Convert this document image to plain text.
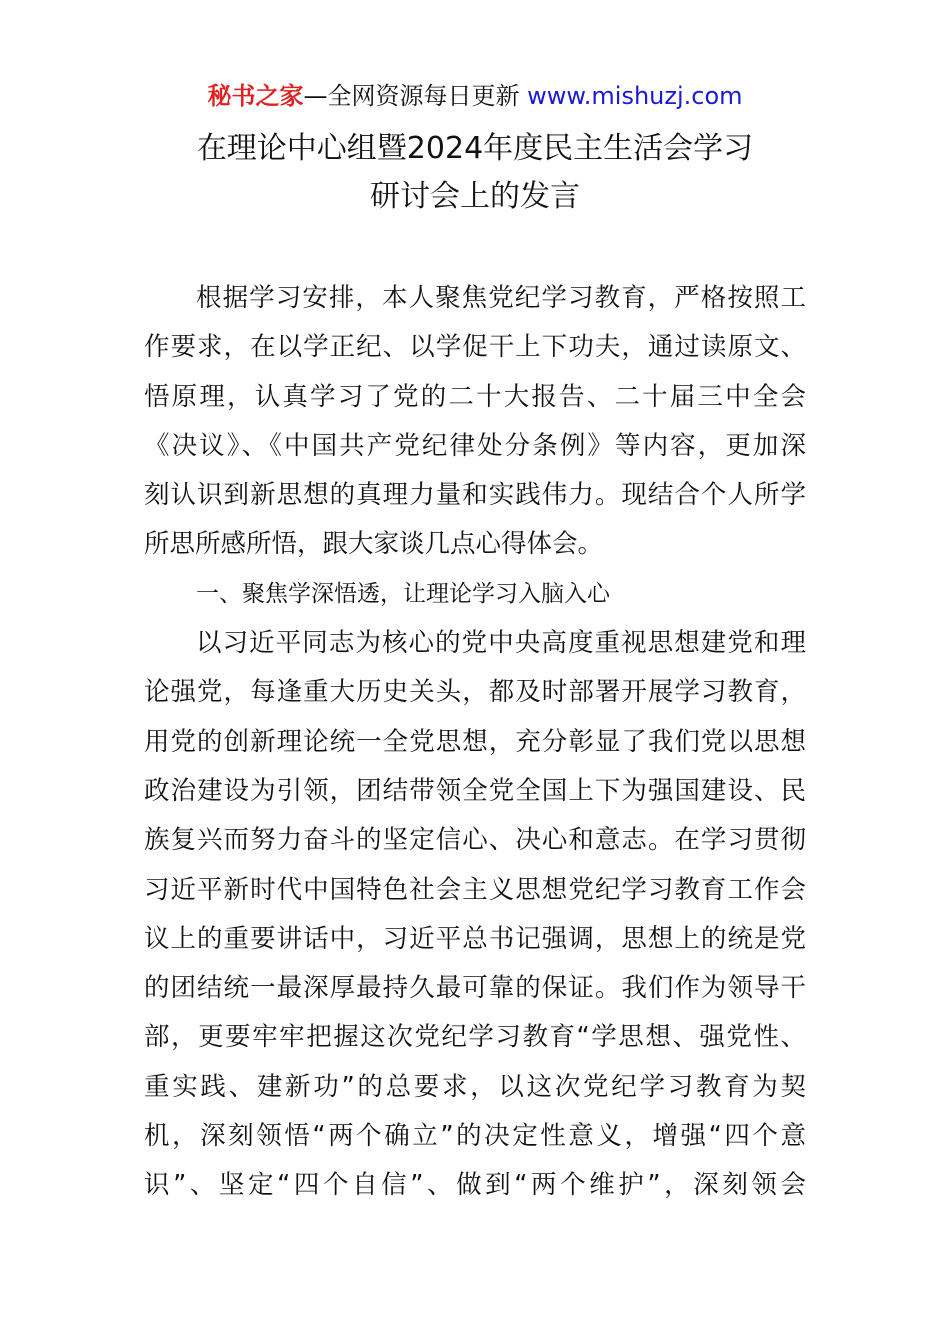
秘书之家—全网资源每日更新 www.mishuzj.com
在理论中心组暨2024年度民主生活会学习
研讨会上的发言
根据学习安排，本人聚焦党纪学习教育，严格按照工
作要求，在以学正纪、以学促干上下功夫，通过读原文、
悟原理，认真学习了党的二十大报告、二十届三中全会
《决议》、《中国共产党纪律处分条例》等内容，更加深
刻认识到新思想的真理力量和实践伟力。现结合个人所学
所思所感所悟，跟大家谈几点心得体会。
一、聚焦学深悟透，让理论学习入脑入心
以习近平同志为核心的党中央高度重视思想建党和理
论强党，每逢重大历史关头，都及时部署开展学习教育，
用党的创新理论统一全党思想，充分彰显了我们党以思想
政治建设为引领，团结带领全党全国上下为强国建设、民
族复兴而努力奋斗的坚定信心、决心和意志。在学习贯彻
习近平新时代中国特色社会主义思想党纪学习教育工作会
议上的重要讲话中，习近平总书记强调，思想上的统是党
的团结统一最深厚最持久最可靠的保证。我们作为领导干
部，更要牢牢把握这次党纪学习教育“学思想、强党性、
重实践、建新功”的总要求，以这次党纪学习教育为契
机，深刻领悟“两个确立”的决定性意义，增强“四个意
识”、坚定“四个自信”、做到“两个维护”，深刻领会
